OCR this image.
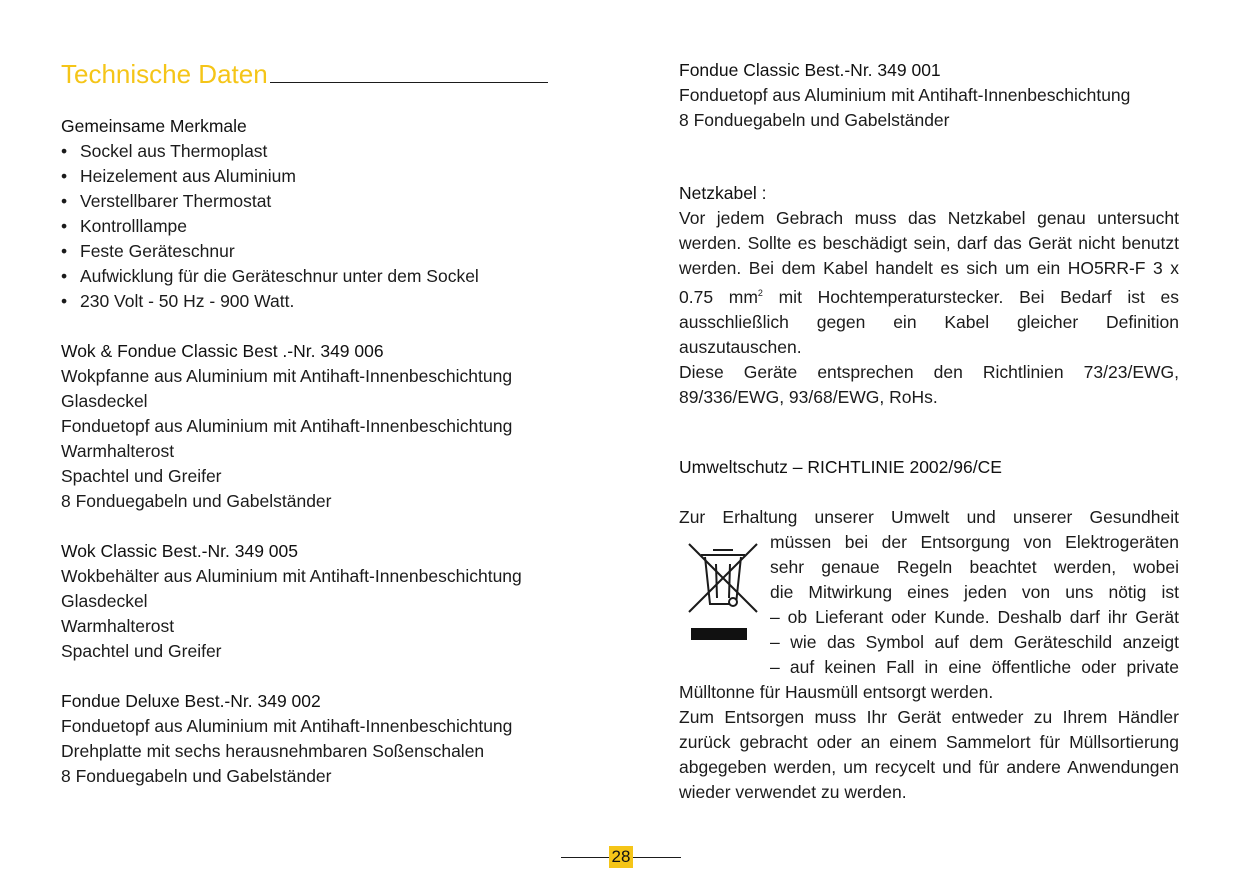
Technische Daten

Gemeinsame Merkmale

• Sockel aus Thermoplast
• Heizelement aus Aluminium
• Verstellbarer Thermostat
• Kontrolllampe
• Feste Geräteschnur
• Aufwicklung für die Geräteschnur unter dem Sockel
• 230 Volt - 50 Hz - 900 Watt.

Wok & Fondue Classic Best .-Nr. 349 006

Wokpfanne aus Aluminium mit Antihaft-Innenbeschichtung

Glasdeckel

Fonduetopf aus Aluminium mit Antihaft-Innenbeschichtung

Warmhalterost

Spachtel und Greifer

8 Fonduegabeln und Gabelständer

Wok Classic Best.-Nr. 349 005

Wokbehälter aus Aluminium mit Antihaft-Innenbeschichtung

Glasdeckel

Warmhalterost

Spachtel und Greifer

Fondue Deluxe Best.-Nr. 349 002

Fonduetopf aus Aluminium mit Antihaft-Innenbeschichtung

Drehplatte mit sechs herausnehmbaren Soßenschalen

8 Fonduegabeln und Gabelständer

Fondue Classic Best.-Nr. 349 001

Fonduetopf aus Aluminium mit Antihaft-Innenbeschichtung

8 Fonduegabeln und Gabelständer

Netzkabel :

Vor jedem Gebrach muss das Netzkabel genau untersucht werden. Sollte es beschädigt sein, darf das Gerät nicht benutzt werden. Bei dem Kabel handelt es sich um ein HO5RR-F 3 x 0.75 $mm^2$ mit Hochtemperaturstecker. Bei Bedarf ist es ausschließlich gegen ein Kabel gleicher Definition auszutauschen.

Diese Geräte entsprechen den Richtlinien 73/23/EWG, 89/336/EWG, 93/68/EWG, RoHs.

Umweltschutz – RICHTLINIE 2002/96/CE

Zur Erhaltung unserer Umwelt und unserer Gesundheit

müssen bei der Entsorgung von Elektrogeräten

sehr genaue Regeln beachtet werden, wobei

die Mitwirkung eines jeden von uns nötig ist

– ob Lieferant oder Kunde. Deshalb darf ihr Gerät

– wie das Symbol auf dem Geräteschild anzeigt

– auf keinen Fall in eine öffentliche oder private

Mülltonne für Hausmüll entsorgt werden.

Zum Entsorgen muss Ihr Gerät entweder zu Ihrem Händler zurück gebracht oder an einem Sammelort für Müllsortierung abgegeben werden, um recycelt und für andere Anwendungen wieder verwendet zu werden.

28
